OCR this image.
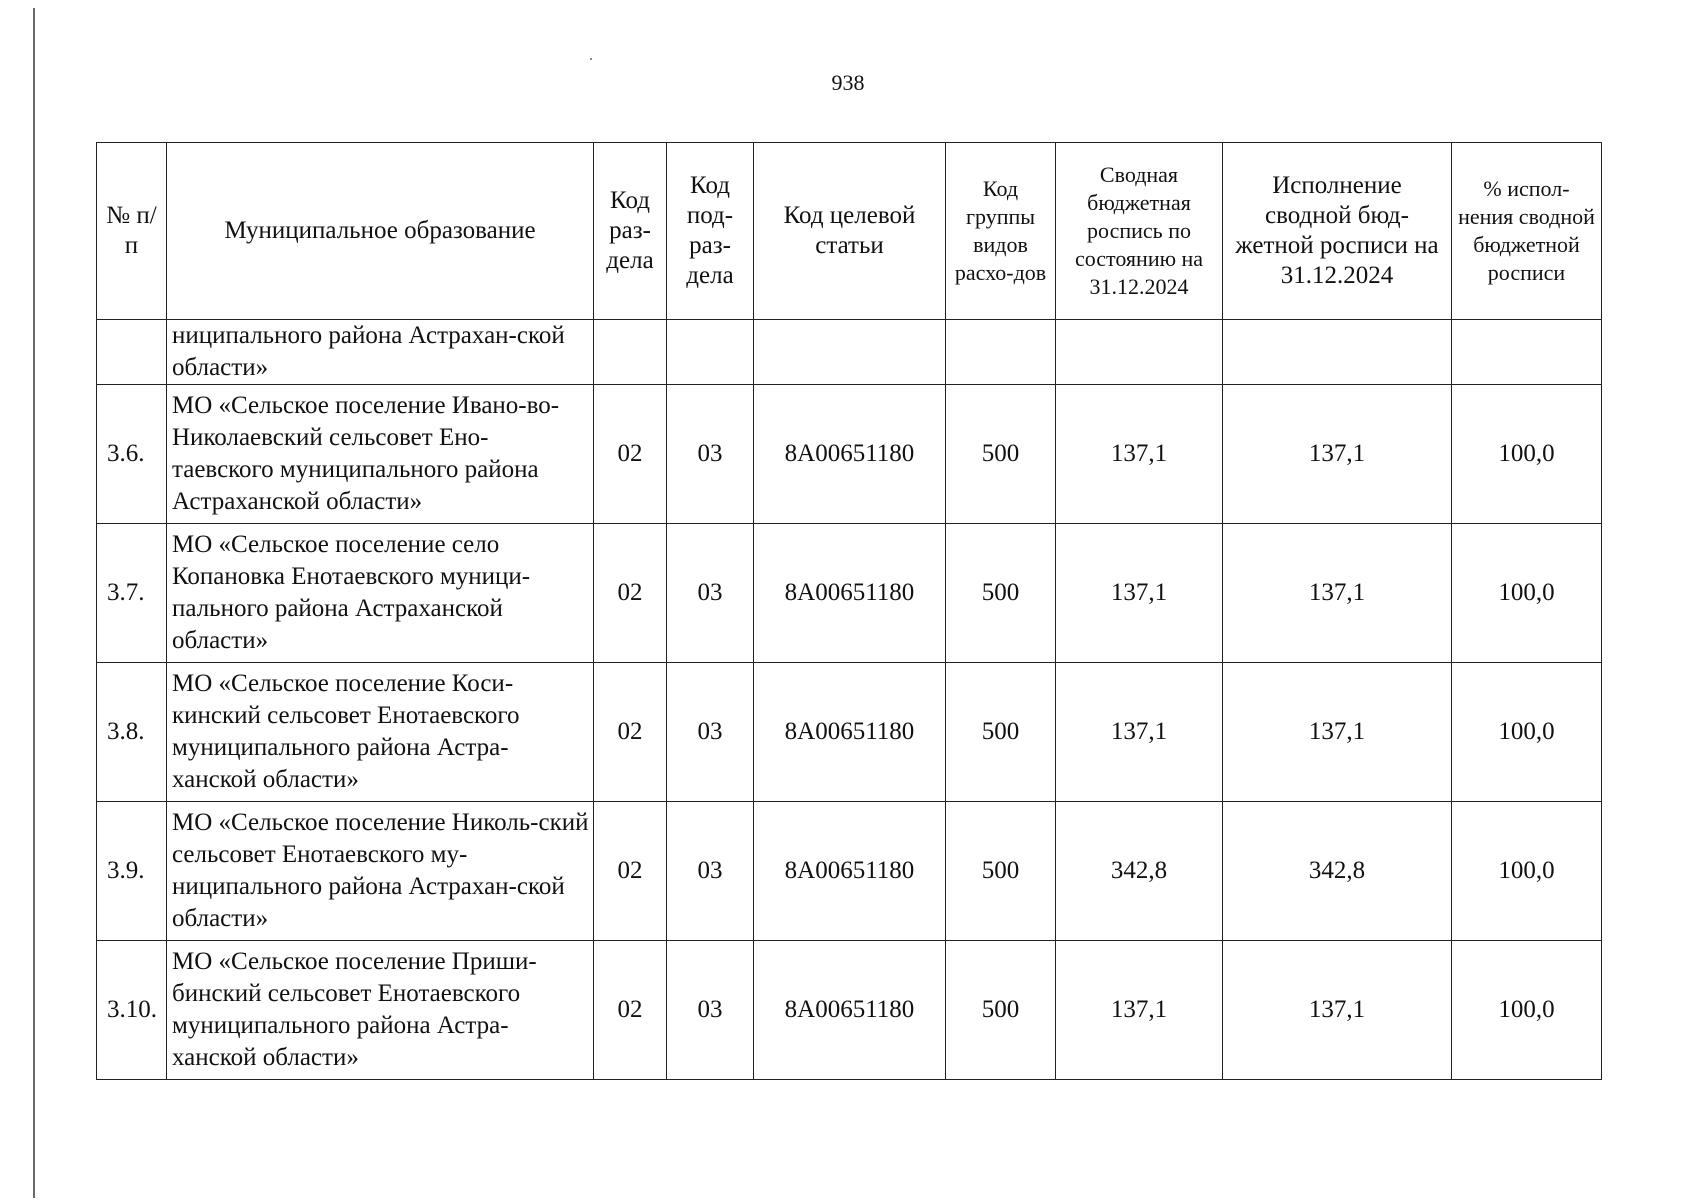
938
№ п/п	Муниципальное образование	Код раз-дела	Код под-раз-дела	Код целевой статьи	Код группы видов расхо-дов	Сводная бюджетная роспись по состоянию на 31.12.2024	Исполнение сводной бюд-жетной росписи на 31.12.2024	% испол-нения сводной бюджетной росписи
	ниципального района Астрахан-ской области»							
3.6.	МО «Сельское поселение Ивано-во-Николаевский сельсовет Ено-таевского муниципального района Астраханской области»	02	03	8А00651180	500	137,1	137,1	100,0
3.7.	МО «Сельское поселение село Копановка Енотаевского муници-пального района Астраханской области»	02	03	8А00651180	500	137,1	137,1	100,0
3.8.	МО «Сельское поселение Коси-кинский сельсовет Енотаевского муниципального района Астра-ханской области»	02	03	8А00651180	500	137,1	137,1	100,0
3.9.	МО «Сельское поселение Николь-ский сельсовет Енотаевского му-ниципального района Астрахан-ской области»	02	03	8А00651180	500	342,8	342,8	100,0
3.10.	МО «Сельское поселение Приши-бинский сельсовет Енотаевского муниципального района Астра-ханской области»	02	03	8А00651180	500	137,1	137,1	100,0
